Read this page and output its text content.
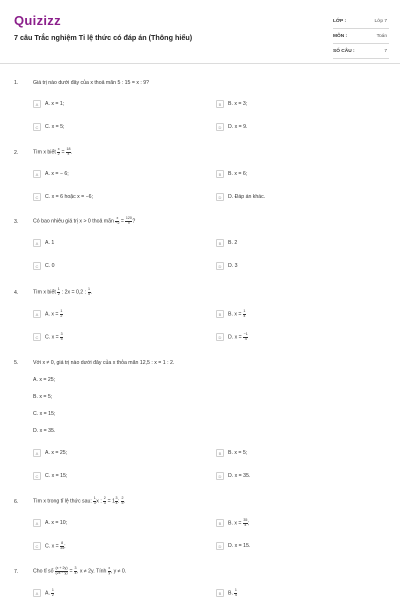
Quizizz
7 câu Trắc nghiệm Tỉ lệ thức có đáp án (Thông hiểu)
LỚP :	Lớp 7
MÔN :	Toán
SỐ CÂU :	7
1.	Giá trị nào dưới đây của x thoả mãn 5 : 15 = x : 9?
A	A. x = 1;	B	B. x = 3;
C	C. x = 5;	D	D. x = 9.
2.	Tìm x biết $\frac{x}{2} = \frac{18}{x}$ .
A	A. x = − 6;	B	B. x = 6;
C	C. x = 6 hoặc x = −6;	D	D. Đáp án khác.
3.	Có bao nhiêu giá trị x > 0 thoả mãn $\frac{x}{-2} = \frac{120}{x}$ ?
A	A. 1	B	B. 2
C	C. 0	D	D. 3
4.	Tìm x biết $\frac{1}{2}$ : 2x = 0,2 : $\frac{1}{5}$ .
A	A. $x = \frac{1}{2}$	B	B. $x = \frac{1}{4}$
C	C. $x = \frac{3}{5}$	D	D. $x = \frac{-1}{4}$
5.	Với x ≠ 0, giá trị nào dưới đây của x thỏa mãn 12,5 : x = 1 : 2.
A. x = 25;
B. x = 5;
C. x = 15;
D. x = 35.
A	A. x = 25;	B	B. x = 5;
C	C. x = 15;	D	D. x = 35.
6.	Tìm x trong tỉ lệ thức sau: $\frac{1}{3}$ x : $\frac{2}{3} = 1 \frac{3}{4}$ : $\frac{2}{5}$ .
A	A. x = 10;	B	B. $x = \frac{35}{4}$ ;
C	C. $x = \frac{8}{35}$ ;	D	D. x = 15.
7.	Cho tỉ số $\frac{(x + 2y)}{(2x - y)} = \frac{3}{4}$ , x ≠ 2y. Tính $\frac{x}{y}$ , y ≠ 0.
A	A. $\frac{1}{2}$	B	B. $\frac{1}{4}$
